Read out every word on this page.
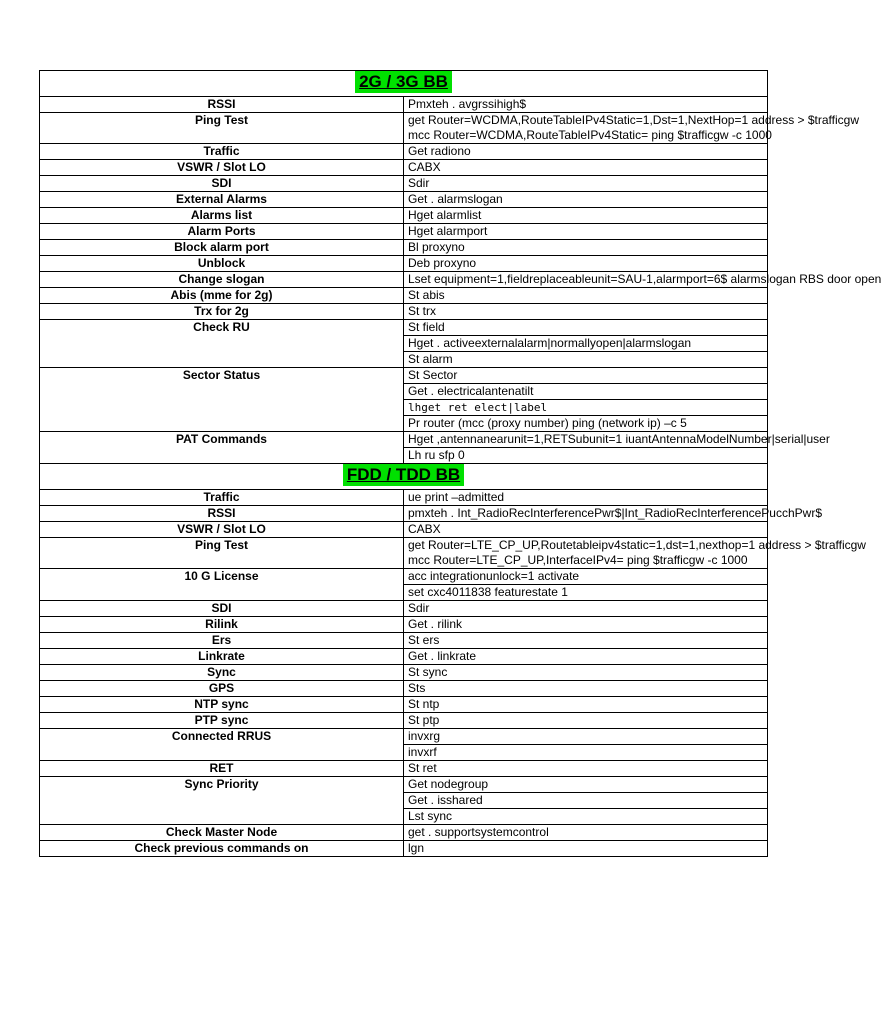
2G / 3G BB	
RSSI	Pmxteh . avgrssihigh$

Ping Test	get Router=WCDMA,RouteTableIPv4Static=1,Dst=1,NextHop=1 address > $trafficgw
mcc Router=WCDMA,RouteTableIPv4Static= ping $trafficgw -c 1000

Traffic	Get radiono

VSWR / Slot LO	CABX

SDI	Sdir

External Alarms	Get . alarmslogan

Alarms list	Hget alarmlist

Alarm Ports	Hget alarmport

Block alarm port	Bl proxyno

Unblock	Deb proxyno

Change slogan	Lset equipment=1,fieldreplaceableunit=SAU-1,alarmport=6$ alarmslogan RBS door open

Abis (mme for 2g)	St abis

Trx for 2g	St trx

Check RU	St field

	Hget . activeexternalalarm|normallyopen|alarmslogan

	St alarm

Sector Status	St Sector

	Get . electricalantenatilt

	lhget ret elect|label

	Pr router (mcc (proxy number) ping (network ip) –c 5

PAT Commands	Hget ,antennanearunit=1,RETSubunit=1 iuantAntennaModelNumber|serial|user

	Lh ru sfp 0

FDD / TDD BB	
Traffic	ue print –admitted

RSSI	pmxteh . Int_RadioRecInterferencePwr$|Int_RadioRecInterferencePucchPwr$

VSWR / Slot LO	CABX

Ping Test	get Router=LTE_CP_UP,Routetableipv4static=1,dst=1,nexthop=1 address > $trafficgw
mcc Router=LTE_CP_UP,InterfaceIPv4= ping $trafficgw -c 1000

10 G License	acc integrationunlock=1 activate

	set cxc4011838 featurestate 1

SDI	Sdir

Rilink	Get . rilink

Ers	St ers

Linkrate	Get . linkrate

Sync	St sync

GPS	Sts

NTP sync	St ntp

PTP sync	St ptp

Connected RRUS	invxrg

	invxrf

RET	St ret

Sync Priority	Get nodegroup

	Get . isshared

	Lst sync

Check Master Node	get . supportsystemcontrol

Check previous commands on	lgn
